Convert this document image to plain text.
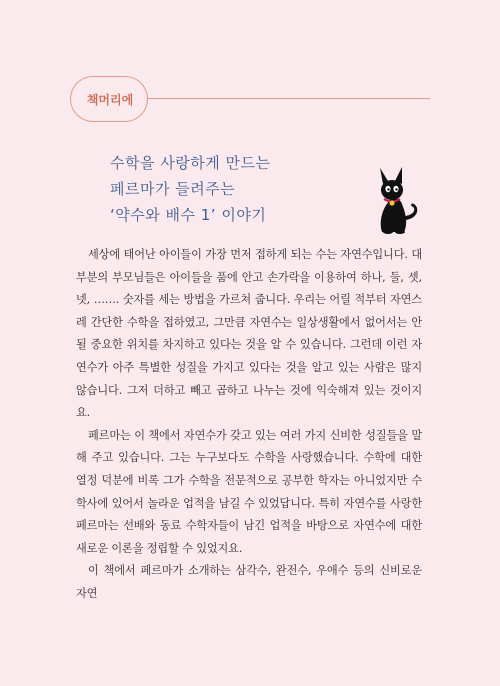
책머리에
수학을 사랑하게 만드는
페르마가 들려주는
‘약수와 배수 1’ 이야기

세상에 태어난 아이들이 가장 먼저 접하게 되는 수는 자연수입니다. 대부분의 부모님들은 아이들을 품에 안고 손가락을 이용하여 하나, 둘, 셋, 넷, ……. 숫자를 세는 방법을 가르쳐 줍니다. 우리는 어릴 적부터 자연스레 간단한 수학을 접하였고, 그만큼 자연수는 일상생활에서 없어서는 안 될 중요한 위치를 차지하고 있다는 것을 알 수 있습니다. 그런데 이런 자연수가 아주 특별한 성질을 가지고 있다는 것을 알고 있는 사람은 많지 않습니다. 그저 더하고 빼고 곱하고 나누는 것에 익숙해져 있는 것이지요.

페르마는 이 책에서 자연수가 갖고 있는 여러 가지 신비한 성질들을 말해 주고 있습니다. 그는 누구보다도 수학을 사랑했습니다. 수학에 대한 열정 덕분에 비록 그가 수학을 전문적으로 공부한 학자는 아니었지만 수학사에 있어서 놀라운 업적을 남길 수 있었답니다. 특히 자연수를 사랑한 페르마는 선배와 동료 수학자들이 남긴 업적을 바탕으로 자연수에 대한 새로운 이론을 정립할 수 있었지요.

이 책에서 페르마가 소개하는 삼각수, 완전수, 우애수 등의 신비로운 자연
